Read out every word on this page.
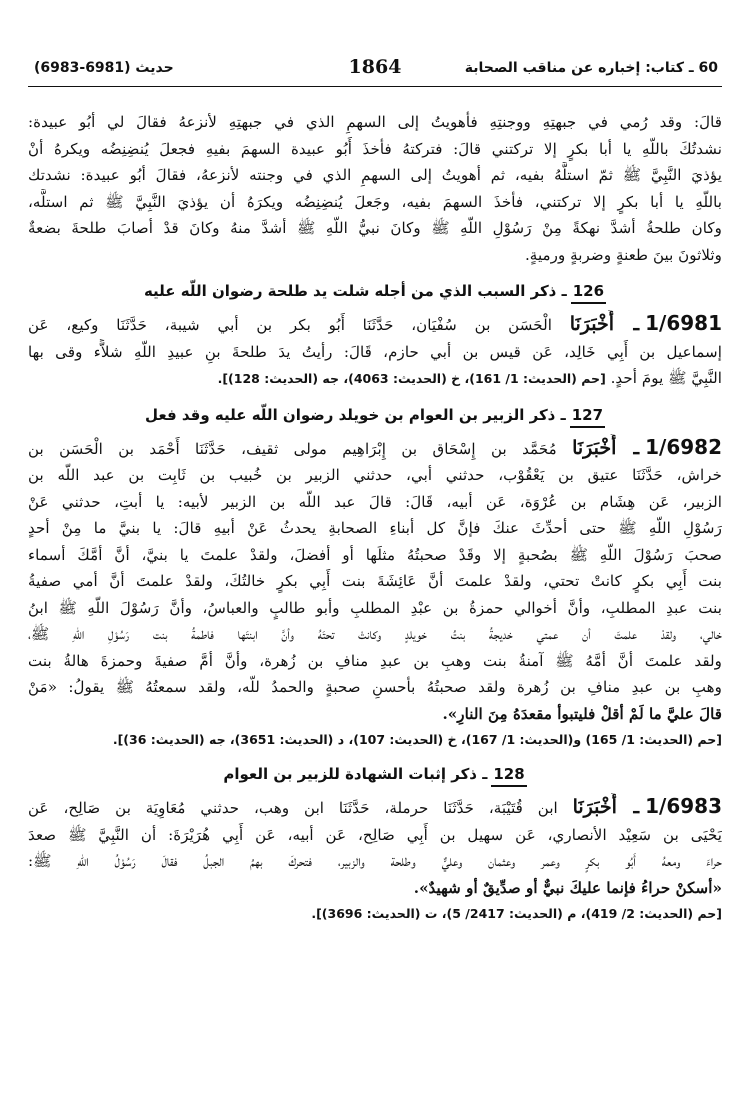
60 ـ كتاب: إخباره عن مناقب الصحابة
1864
حديث (6981-6983)

قالَ: وقد رُمي في جبهتِهِ ووجنتِهِ فأهويتُ إلى السهمِ الذي في جبهتِهِ لأنزعهُ فقالَ لي أبُو عبيدة:

نشدتُكَ باللّهِ يا أبا بكرٍ إلا تركتني قالَ: فتركتهُ فأخذَ أَبُو عبيدة السهمَ بفيهِ فجعلَ يُنضِنِضُه ويكرهُ أنْ

يؤذيَ النَّبِيَّ ﷺ ثمّ استلَّهُ بفيه، ثم أهويتُ إلى السهمِ الذي في وجنته لأنزعهُ، فقالَ أبُو عبيدة: نشدتك

باللّهِ يا أبا بكرٍ إلا تركتني، فأخذَ السهمَ بفيه، وجَعلَ يُنضِنِضُه ويكرَهُ أن يؤذيَ النَّبِيَّ ﷺ ثم استلَّه،

وكان طلحةُ أشدَّ نهكةً مِنْ رَسُوْلِ اللّهِ ﷺ وكانَ نبيُّ اللّهِ ﷺ أشدَّ منهُ وكانَ قدْ أصابَ طلحةَ بضعةٌ

وثلاثونَ بينَ طعنةٍ وضربةٍ ورميةٍ.

126ـ ذكر السبب الذي من أجله شلت يد طلحة رضوان اللّه عليه

1/6981ـ أَخْبَرَنَا الْحَسَن بن سُفْيَان، حَدَّثَنَا أَبُو بكر بن أبي شيبة، حَدَّثَنَا وكيع، عَن

إسماعيل بن أَبِي خَالِد، عَن قيس بن أبي حازم، قَالَ: رأيتُ يدَ طلحةَ بنِ عبيدِ اللّهِ شلاًّء وقى بها

النَّبِيَّ ﷺ يومَ أحدٍ. [حم (الحديث: 1/ 161)، خ (الحديث: 4063)، جه (الحديث: 128)].

127ـ ذكر الزبير بن العوام بن خويلد رضوان اللّه عليه وقد فعل

1/6982ـ أَخْبَرَنَا مُحَمَّد بن إِسْحَاق بن إِبْرَاهِيم مولى ثقيف، حَدَّثَنَا أَحْمَد بن الْحَسَن بن

خراش، حَدَّثَنَا عتيق بن يَعْقُوْب، حدثني أبي، حدثني الزبير بن خُبيب بن ثَابِت بن عبد اللّه بن

الزبير، عَن هِشَام بن عُرْوَة، عَن أبيه، قَالَ: قالَ عبد اللّه بن الزبير لأبيه: يا أبتِ، حدثني عَنْ

رَسُوْلِ اللّهِ ﷺ حتى أحدِّثَ عنكَ فإنَّ كل أبناءِ الصحابةِ يحدثُ عَنْ أبيهِ قالَ: يا بنيَّ ما مِنْ أحدٍ

صحبَ رَسُوْلَ اللّهِ ﷺ بصُحبةٍ إلا وقَدْ صحبتُهُ مثلَها أو أفضلَ، ولقدْ علمتَ يا بنيَّ، أنَّ أمَّكَ أسماء

بنت أَبِي بكرٍ كانتْ تحتي، ولقدْ علمتَ أنَّ عَائِشَةَ بنت أَبِي بكرٍ خالتُكَ، ولقدْ علمتَ أنَّ أمي صفيةُ

بنت عبدِ المطلبِ، وأنَّ أخوالي حمزةُ بن عبْدِ المطلبِ وأبو طالبٍ والعباسُ، وأنَّ رَسُوْلَ اللّهِ ﷺ ابنُ

خالي، ولقدْ علمتَ أن عمتي خديجةُ بنتُ خويلدٍ وكانتْ تحتَهُ وأنَّ ابنتَها فاطمةُ بنت رَسُوْلِ اللّهِ ﷺ،

ولقد علمتَ أنَّ أمَّهُ ﷺ آمنةُ بنت وهبِ بن عبدِ منافِ بن زُهرة، وأنَّ أمَّ صفيةَ وحمزةَ هالةُ بنت

وهبِ بن عبدِ منافِ بن زُهرة ولقد صحبتُهُ بأحسنِ صحبةٍ والحمدُ للّه، ولقد سمعتُهُ ﷺ يقولُ: «مَنْ

قالَ عليَّ ما لَمْ أقلْ فليتبوأ مقعدَهُ مِنَ النارِ».

[حم (الحديث: 1/ 165) و(الحديث: 1/ 167)، خ (الحديث: 107)، د (الحديث: 3651)، جه (الحديث: 36)].

128ـ ذكر إثبات الشهادة للزبير بن العوام

1/6983ـ أَخْبَرَنَا ابن قُتَيْبَة، حَدَّثَنَا حرملة، حَدَّثَنَا ابن وهب، حدثني مُعَاوِيَة بن صَالِح، عَن

يَحْيَى بن سَعِيْد الأنصاري، عَن سهيل بن أَبِي صَالِح، عَن أبيه، عَن أَبِي هُرَيْرَةَ: أن النَّبِيَّ ﷺ صعدَ

حراءَ ومعهُ أَبُو بكرٍ وعمر وعثمان وعليٌّ وطلحة والزبير، فتحركَ بهمُ الجبلُ فقالَ رَسُوْلُ اللّهِ ﷺ:

«أسكنْ حراءُ فإنما عليكَ نبيٌّ أو صدِّيقٌ أو شهيدٌ».

[حم (الحديث: 2/ 419)، م (الحديث: 2417/ 5)، ت (الحديث: 3696)].
